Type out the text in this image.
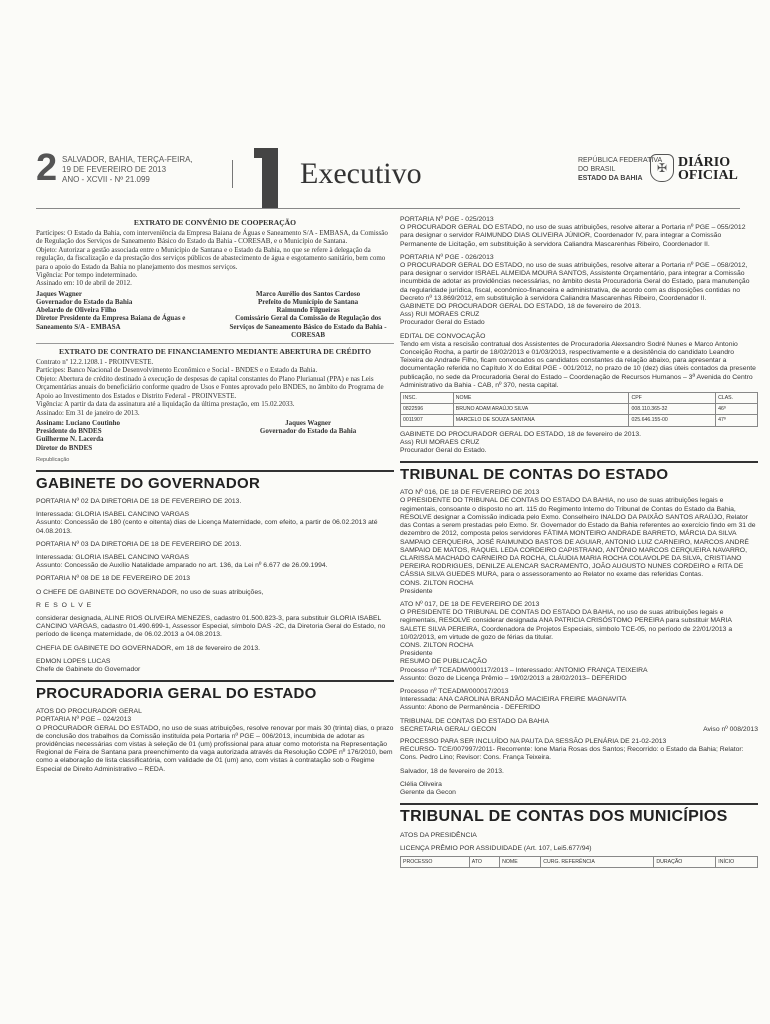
2 SALVADOR, BAHIA, TERÇA-FEIRA,
19 DE FEVEREIRO DE 2013
ANO - XCVII - Nº 21.099	Executivo	REPÚBLICA FEDERATIVA
DO BRASIL
ESTADO DA BAHIA
✠ DIÁRIO
OFICIAL
EXTRATO DE CONVÊNIO DE COOPERAÇÃO
Partícipes: O Estado da Bahia, com interveniência da Empresa Baiana de Águas e Saneamento S/A - EMBASA, da Comissão de Regulação dos Serviços de Saneamento Básico do Estado da Bahia - CORESAB, e o Município de Santana.
Objeto: Autorizar a gestão associada entre o Município de Santana e o Estado da Bahia, no que se refere à delegação da regulação, da fiscalização e da prestação dos serviços públicos de abastecimento de água e esgotamento sanitário, bem como para o apoio do Estado da Bahia no planejamento dos mesmos serviços.
Vigência: Por tempo indeterminado.
Assinado em: 10 de abril de 2012.
Jaques Wagner
Governador do Estado da Bahia
Abelardo de Oliveira Filho
Diretor Presidente da Empresa Baiana de Águas e Saneamento S/A - EMBASA
Marco Aurélio dos Santos Cardoso
Prefeito do Município de Santana
Raimundo Filgueiras
Comissário Geral da Comissão de Regulação dos Serviços de Saneamento Básico do Estado da Bahia - CORESAB
EXTRATO DE CONTRATO DE FINANCIAMENTO MEDIANTE ABERTURA DE CRÉDITO
Contrato nº 12.2.1208.1 - PROINVESTE.
Partícipes: Banco Nacional de Desenvolvimento Econômico e Social - BNDES e o Estado da Bahia.
Objeto: Abertura de crédito destinado à execução de despesas de capital constantes do Plano Plurianual (PPA) e nas Leis Orçamentárias anuais do beneficiário conforme quadro de Usos e Fontes aprovado pelo BNDES, no âmbito do Programa de Apoio ao Investimento dos Estados e Distrito Federal - PROINVESTE.
Vigência: A partir da data da assinatura até a liquidação da última prestação, em 15.02.2033.
Assinado: Em 31 de janeiro de 2013.
Assinam: Luciano Coutinho
Presidente do BNDES
Guilherme N. Lacerda
Diretor do BNDES
Jaques Wagner
Governador do Estado da Bahia
Republicação
GABINETE DO GOVERNADOR

PORTARIA Nº 02 DA DIRETORIA DE 18 DE FEVEREIRO DE 2013.

Interessada: GLORIA ISABEL CANCINO VARGAS

Assunto: Concessão de 180 (cento e oitenta) dias de Licença Maternidade, com efeito, a partir de 06.02.2013 até 04.08.2013.

PORTARIA Nº 03 DA DIRETORIA DE 18 DE FEVEREIRO DE 2013.

Interessada: GLORIA ISABEL CANCINO VARGAS

Assunto: Concessão de Auxílio Natalidade amparado no art. 136, da Lei nº 6.677 de 26.09.1994.

PORTARIA Nº 08 DE 18 DE FEVEREIRO DE 2013

O CHEFE DE GABINETE DO GOVERNADOR, no uso de suas atribuições,

R E S O L V E

considerar designada, ALINE RIOS OLIVEIRA MENEZES, cadastro 01.500.823-3, para substituir GLORIA ISABEL CANCINO VARGAS, cadastro 01.490.699-1, Assessor Especial, símbolo DAS -2C, da Diretoria Geral do Estado, no período de licença maternidade, de 06.02.2013 a 04.08.2013.

CHEFIA DE GABINETE DO GOVERNADOR, em 18 de fevereiro de 2013.

EDMON LOPES LUCAS

Chefe de Gabinete do Governador

PROCURADORIA GERAL DO ESTADO
ATOS DO PROCURADOR GERAL
PORTARIA Nº PGE – 024/2013

O PROCURADOR GERAL DO ESTADO, no uso de suas atribuições, resolve renovar por mais 30 (trinta) dias, o prazo de conclusão dos trabalhos da Comissão instituída pela Portaria nº PGE – 006/2013, incumbida de adotar as providências necessárias com vistas à seleção de 01 (um) profissional para atuar como motorista na Representação Regional de Feira de Santana para preenchimento da vaga autorizada através da Resolução COPE nº 176/2010, bem como a elaboração de lista classificatória, com validade de 01 (um) ano, com vistas à contratação sob o Regime Especial de Direito Administrativo – REDA.

PORTARIA Nº PGE - 025/2013

O PROCURADOR GERAL DO ESTADO, no uso de suas atribuições, resolve alterar a Portaria nº PGE – 055/2012 para designar o servidor RAIMUNDO DIAS OLIVEIRA JÚNIOR, Coordenador IV, para integrar a Comissão Permanente de Licitação, em substituição à servidora Caliandra Mascarenhas Ribeiro, Coordenador II.

PORTARIA Nº PGE - 026/2013
O PROCURADOR GERAL DO ESTADO, no uso de suas atribuições, resolve alterar a Portaria nº PGE – 058/2012, para designar o servidor ISRAEL ALMEIDA MOURA SANTOS, Assistente Orçamentário, para integrar a Comissão incumbida de adotar as providências necessárias, no âmbito desta Procuradoria Geral do Estado, para manutenção da regularidade jurídica, fiscal, econômico-financeira e administrativa, de acordo com as disposições contidas no Decreto nº 13.869/2012, em substituição à servidora Caliandra Mascarenhas Ribeiro, Coordenador II.
GABINETE DO PROCURADOR GERAL DO ESTADO, 18 de fevereiro de 2013.
Ass) RUI MORAES CRUZ

Procurador Geral do Estado

EDITAL DE CONVOCAÇÃO
Tendo em vista a rescisão contratual dos Assistentes de Procuradoria Alexsandro Sodré Nunes e Marco Antonio Conceição Rocha, a partir de 18/02/2013 e 01/03/2013, respectivamente e a desistência do candidato Leandro Teixeira de Andrade Filho, ficam convocados os candidatos constantes da relação abaixo, para apresentar a documentação referida no Capítulo X do Edital PGE - 001/2012, no prazo de 10 (dez) dias úteis contados da presente publicação, no sede da Procuradoria Geral do Estado – Coordenação de Recursos Humanos – 3ª Avenida do Centro Administrativo da Bahia - CAB, nº 370, nesta capital.
INSC.	NOME	CPF	CLAS.
0822596	BRUNO ADAM ARAÚJO SILVA	008.110.365-32	46º
0011907	MARCELO DE SOUZA SANTANA	025.646.155-00	47º
GABINETE DO PROCURADOR GERAL DO ESTADO, 18 de fevereiro de 2013.
Ass) RUI MORAES CRUZ

Procurador Geral do Estado.

TRIBUNAL DE CONTAS DO ESTADO
ATO Nº 016, DE 18 DE FEVEREIRO DE 2013
O PRESIDENTE DO TRIBUNAL DE CONTAS DO ESTADO DA BAHIA, no uso de suas atribuições legais e regimentais, consoante o disposto no art. 115 do Regimento Interno do Tribunal de Contas do Estado da Bahia, RESOLVE designar a Comissão indicada pelo Exmo. Conselheiro INALDO DA PAIXÃO SANTOS ARAÚJO, Relator das Contas a serem prestadas pelo Exmo. Sr. Governador do Estado da Bahia referentes ao exercício findo em 31 de dezembro de 2012, composta pelos servidores FÁTIMA MONTEIRO ANDRADE BARRETO, MÁRCIA DA SILVA SAMPAIO CERQUEIRA, JOSÉ RAIMUNDO BASTOS DE AGUIAR, ANTONIO LUIZ CARNEIRO, MARCOS ANDRÉ SAMPAIO DE MATOS, RAQUEL LEDA CORDEIRO CAPISTRANO, ANTÔNIO MARCOS CERQUEIRA NAVARRO, CLARISSA MACHADO CARNEIRO DA ROCHA, CLÁUDIA MARIA ROCHA COLAVOLPE DA SILVA, CRISTIANO PEREIRA RODRIGUES, DENILZE ALENCAR SACRAMENTO, JOÃO AUGUSTO NUNES CORDEIRO e RITA DE CÁSSIA SILVA GUEDES MURA, para o assessoramento ao Relator no exame das referidas Contas.
CONS. ZILTON ROCHA

Presidente

ATO Nº 017, DE 18 DE FEVEREIRO DE 2013
O PRESIDENTE DO TRIBUNAL DE CONTAS DO ESTADO DA BAHIA, no uso de suas atribuições legais e regimentais, RESOLVE considerar designada ANA PATRICIA CRISÓSTOMO PEREIRA para substituir MARIA SALETE SILVA PEREIRA, Coordenadora de Projetos Especiais, símbolo TCE-05, no período de 22/01/2013 a 10/02/2013, em virtude de gozo de férias da titular.
CONS. ZILTON ROCHA
Presidente
RESUMO DE PUBLICAÇÃO
Processo nº TCEADM/000117/2013 – Interessado: ANTONIO FRANÇA TEIXEIRA

Assunto: Gozo de Licença Prêmio – 19/02/2013 a 28/02/2013– DEFERIDO

Processo nº TCEADM/000017/2013
Interessada: ANA CAROLINA BRANDÃO MACIEIRA FREIRE MAGNAVITA

Assunto: Abono de Permanência - DEFERIDO

TRIBUNAL DE CONTAS DO ESTADO DA BAHIA
SECRETARIA GERAL/ GECON	Aviso nº 008/2013
PROCESSO PARA SER INCLUÍDO NA PAUTA DA SESSÃO PLENÁRIA DE 21-02-2013

RECURSO- TCE/007997/2011- Recorrente: Ione Maria Rosas dos Santos; Recorrido: o Estado da Bahia; Relator: Cons. Pedro Lino; Revisor: Cons. França Teixeira.

Salvador, 18 de fevereiro de 2013.

Clélia Oliveira
Gerente da Gecon
TRIBUNAL DE CONTAS DOS MUNICÍPIOS

ATOS DA PRESIDÊNCIA

LICENÇA PRÊMIO POR ASSIDUIDADE (Art. 107, Lei5.677/94)
PROCESSO	ATO	NOME	CURG. REFERÊNCIA	DURAÇÃO	INÍCIO
